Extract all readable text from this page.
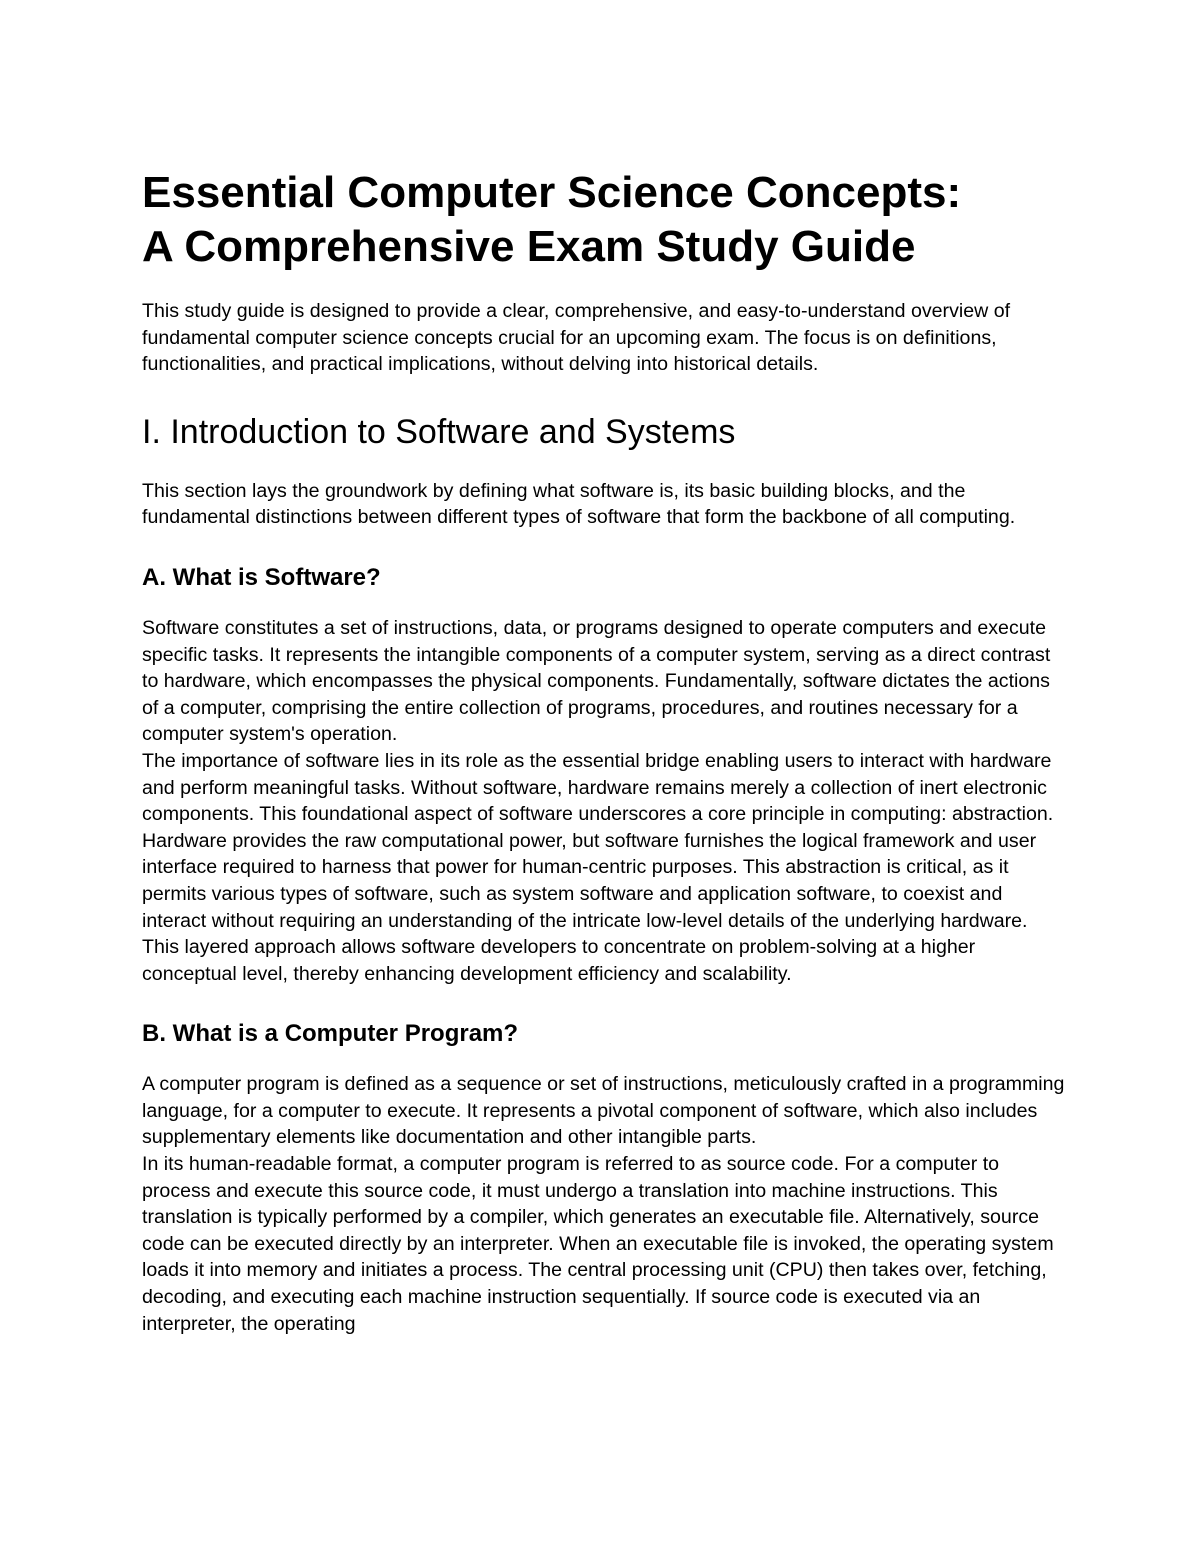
Essential Computer Science Concepts:
A Comprehensive Exam Study Guide

This study guide is designed to provide a clear, comprehensive, and easy-to-understand overview of fundamental computer science concepts crucial for an upcoming exam. The focus is on definitions, functionalities, and practical implications, without delving into historical details.

I. Introduction to Software and Systems

This section lays the groundwork by defining what software is, its basic building blocks, and the fundamental distinctions between different types of software that form the backbone of all computing.

A. What is Software?

Software constitutes a set of instructions, data, or programs designed to operate computers and execute specific tasks. It represents the intangible components of a computer system, serving as a direct contrast to hardware, which encompasses the physical components. Fundamentally, software dictates the actions of a computer, comprising the entire collection of programs, procedures, and routines necessary for a computer system's operation.

The importance of software lies in its role as the essential bridge enabling users to interact with hardware and perform meaningful tasks. Without software, hardware remains merely a collection of inert electronic components. This foundational aspect of software underscores a core principle in computing: abstraction. Hardware provides the raw computational power, but software furnishes the logical framework and user interface required to harness that power for human-centric purposes. This abstraction is critical, as it permits various types of software, such as system software and application software, to coexist and interact without requiring an understanding of the intricate low-level details of the underlying hardware. This layered approach allows software developers to concentrate on problem-solving at a higher conceptual level, thereby enhancing development efficiency and scalability.

B. What is a Computer Program?

A computer program is defined as a sequence or set of instructions, meticulously crafted in a programming language, for a computer to execute. It represents a pivotal component of software, which also includes supplementary elements like documentation and other intangible parts.

In its human-readable format, a computer program is referred to as source code. For a computer to process and execute this source code, it must undergo a translation into machine instructions. This translation is typically performed by a compiler, which generates an executable file. Alternatively, source code can be executed directly by an interpreter. When an executable file is invoked, the operating system loads it into memory and initiates a process. The central processing unit (CPU) then takes over, fetching, decoding, and executing each machine instruction sequentially. If source code is executed via an interpreter, the operating
